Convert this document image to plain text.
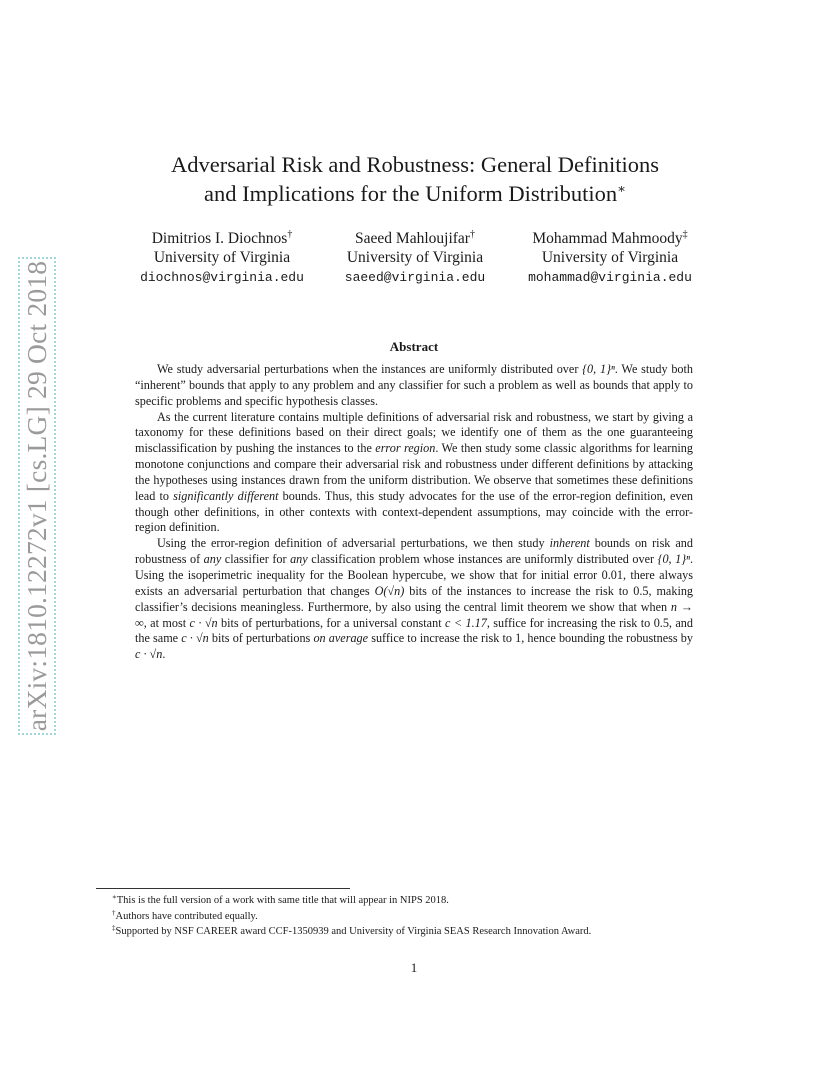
arXiv:1810.12272v1 [cs.LG] 29 Oct 2018
Adversarial Risk and Robustness: General Definitions
and Implications for the Uniform Distribution∗
Dimitrios I. Diochnos†
University of Virginia
diochnos@virginia.edu
Saeed Mahloujifar†
University of Virginia
saeed@virginia.edu
Mohammad Mahmoody‡
University of Virginia
mohammad@virginia.edu
Abstract

We study adversarial perturbations when the instances are uniformly distributed over {0, 1}ⁿ. We study both “inherent” bounds that apply to any problem and any classifier for such a problem as well as bounds that apply to specific problems and specific hypothesis classes.

As the current literature contains multiple definitions of adversarial risk and robustness, we start by giving a taxonomy for these definitions based on their direct goals; we identify one of them as the one guaranteeing misclassification by pushing the instances to the error region. We then study some classic algorithms for learning monotone conjunctions and compare their adversarial risk and robustness under different definitions by attacking the hypotheses using instances drawn from the uniform distribution. We observe that sometimes these definitions lead to significantly different bounds. Thus, this study advocates for the use of the error-region definition, even though other definitions, in other contexts with context-dependent assumptions, may coincide with the error-region definition.

Using the error-region definition of adversarial perturbations, we then study inherent bounds on risk and robustness of any classifier for any classification problem whose instances are uniformly distributed over {0, 1}ⁿ. Using the isoperimetric inequality for the Boolean hypercube, we show that for initial error 0.01, there always exists an adversarial perturbation that changes O(√n) bits of the instances to increase the risk to 0.5, making classifier’s decisions meaningless. Furthermore, by also using the central limit theorem we show that when n → ∞, at most c · √n bits of perturbations, for a universal constant c < 1.17, suffice for increasing the risk to 0.5, and the same c · √n bits of perturbations on average suffice to increase the risk to 1, hence bounding the robustness by c · √n.

∗This is the full version of a work with same title that will appear in NIPS 2018.
†Authors have contributed equally.
‡Supported by NSF CAREER award CCF-1350939 and University of Virginia SEAS Research Innovation Award.
1
